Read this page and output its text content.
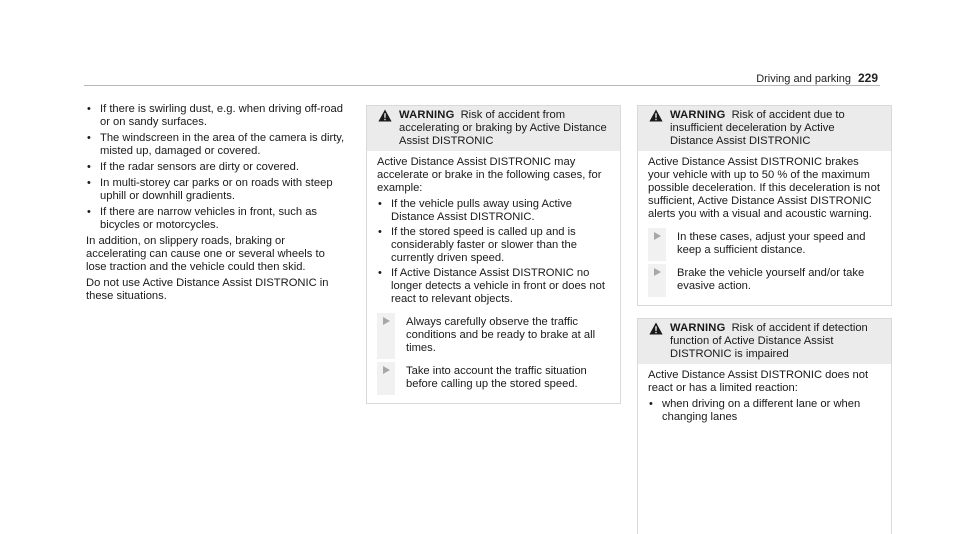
Driving and parking 229
• If there is swirling dust, e.g. when driving off-road or on sandy surfaces.
• The windscreen in the area of the camera is dirty, misted up, damaged or covered.
• If the radar sensors are dirty or covered.
• In multi-storey car parks or on roads with steep uphill or downhill gradients.
• If there are narrow vehicles in front, such as bicycles or motorcycles.

In addition, on slippery roads, braking or accelerating can cause one or several wheels to lose traction and the vehicle could then skid.

Do not use Active Distance Assist DISTRONIC in these situations.

WARNING Risk of accident from accelerating or braking by Active Distance Assist DISTRONIC

Active Distance Assist DISTRONIC may accelerate or brake in the following cases, for example:

• If the vehicle pulls away using Active Distance Assist DISTRONIC.
• If the stored speed is called up and is considerably faster or slower than the currently driven speed.
• If Active Distance Assist DISTRONIC no longer detects a vehicle in front or does not react to relevant objects.
Always carefully observe the traffic conditions and be ready to brake at all times.
Take into account the traffic situation before calling up the stored speed.
WARNING Risk of accident due to insufficient deceleration by Active Distance Assist DISTRONIC

Active Distance Assist DISTRONIC brakes your vehicle with up to 50 % of the maximum possible deceleration. If this deceleration is not sufficient, Active Distance Assist DISTRONIC alerts you with a visual and acoustic warning.

In these cases, adjust your speed and keep a sufficient distance.
Brake the vehicle yourself and/or take evasive action.
WARNING Risk of accident if detection function of Active Distance Assist DISTRONIC is impaired

Active Distance Assist DISTRONIC does not react or has a limited reaction:

• when driving on a different lane or when changing lanes
